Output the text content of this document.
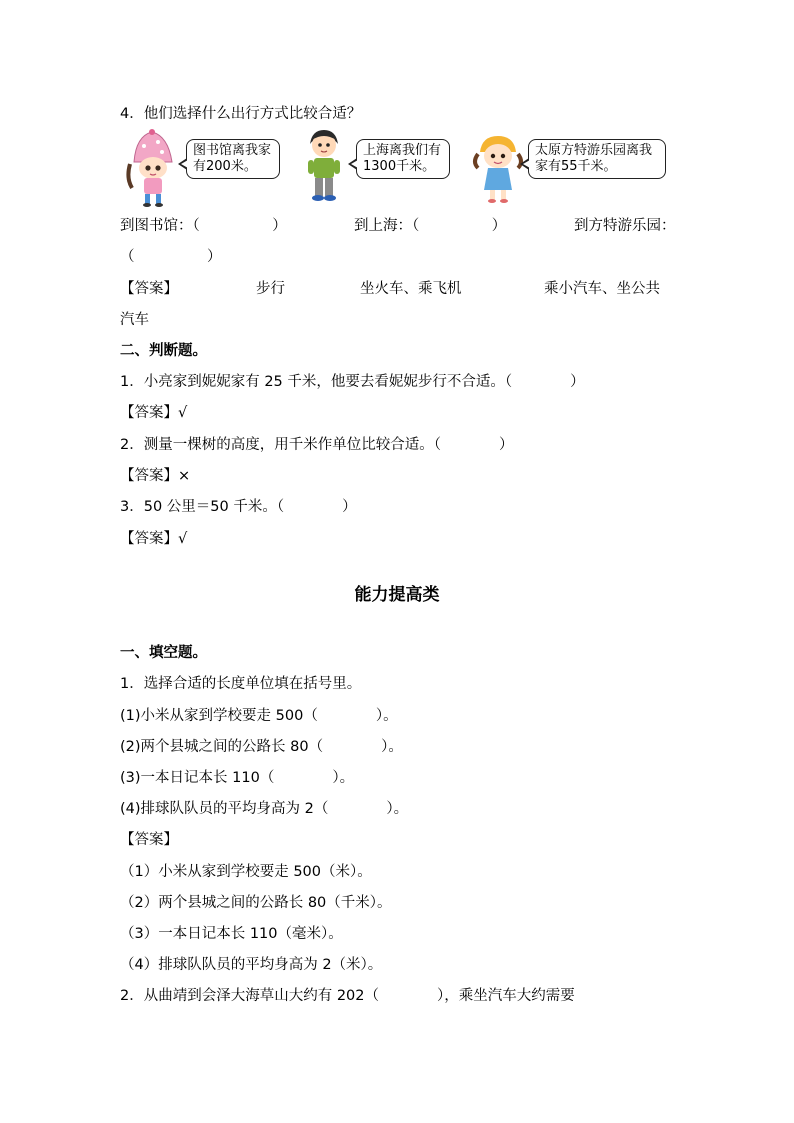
4．他们选择什么出行方式比较合适？
图书馆离我家有200米。
上海离我们有1300千米。
太原方特游乐园离我家有55千米。
到图书馆：（　　　　　）	到上海：（　　　　　）	到方特游乐园：
（　　　　　）
【答案】	步行	坐火车、乘飞机	乘小汽车、坐公共
汽车
二、判断题。
1．小亮家到妮妮家有 25 千米，他要去看妮妮步行不合适。（　　　　）
【答案】√
2．测量一棵树的高度，用千米作单位比较合适。（　　　　）
【答案】×
3．50 公里＝50 千米。（　　　　）
【答案】√
能力提高类
一、填空题。
1．选择合适的长度单位填在括号里。
(1)小米从家到学校要走 500（　　　　）。
(2)两个县城之间的公路长 80（　　　　）。
(3)一本日记本长 110（　　　　）。
(4)排球队队员的平均身高为 2（　　　　）。
【答案】
（1）小米从家到学校要走 500（米）。
（2）两个县城之间的公路长 80（千米）。
（3）一本日记本长 110（毫米）。
（4）排球队队员的平均身高为 2（米）。
2．从曲靖到会泽大海草山大约有 202（　　　　），乘坐汽车大约需要
